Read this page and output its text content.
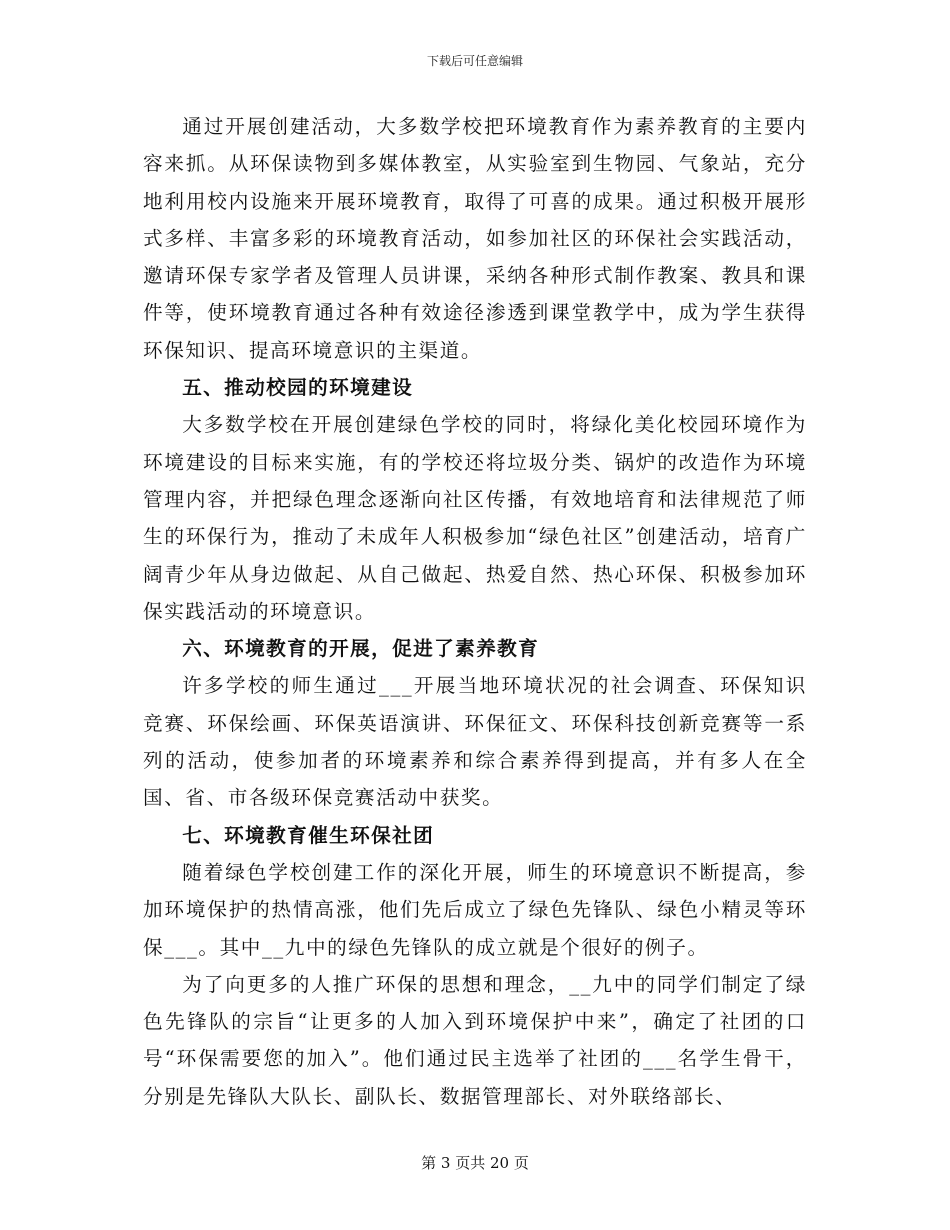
下载后可任意编辑

通过开展创建活动，大多数学校把环境教育作为素养教育的主要内容来抓。从环保读物到多媒体教室，从实验室到生物园、气象站，充分地利用校内设施来开展环境教育，取得了可喜的成果。通过积极开展形式多样、丰富多彩的环境教育活动，如参加社区的环保社会实践活动，邀请环保专家学者及管理人员讲课，采纳各种形式制作教案、教具和课件等，使环境教育通过各种有效途径渗透到课堂教学中，成为学生获得环保知识、提高环境意识的主渠道。

五、推动校园的环境建设

大多数学校在开展创建绿色学校的同时，将绿化美化校园环境作为环境建设的目标来实施，有的学校还将垃圾分类、锅炉的改造作为环境管理内容，并把绿色理念逐渐向社区传播，有效地培育和法律规范了师生的环保行为，推动了未成年人积极参加“绿色社区”创建活动，培育广阔青少年从身边做起、从自己做起、热爱自然、热心环保、积极参加环保实践活动的环境意识。

六、环境教育的开展，促进了素养教育

许多学校的师生通过___开展当地环境状况的社会调查、环保知识竞赛、环保绘画、环保英语演讲、环保征文、环保科技创新竞赛等一系列的活动，使参加者的环境素养和综合素养得到提高，并有多人在全国、省、市各级环保竞赛活动中获奖。

七、环境教育催生环保社团

随着绿色学校创建工作的深化开展，师生的环境意识不断提高，参加环境保护的热情高涨，他们先后成立了绿色先锋队、绿色小精灵等环保___。其中__九中的绿色先锋队的成立就是个很好的例子。

为了向更多的人推广环保的思想和理念，__九中的同学们制定了绿色先锋队的宗旨“让更多的人加入到环境保护中来”，确定了社团的口号“环保需要您的加入”。他们通过民主选举了社团的___名学生骨干，分别是先锋队大队长、副队长、数据管理部长、对外联络部长、

第 3 页共 20 页
